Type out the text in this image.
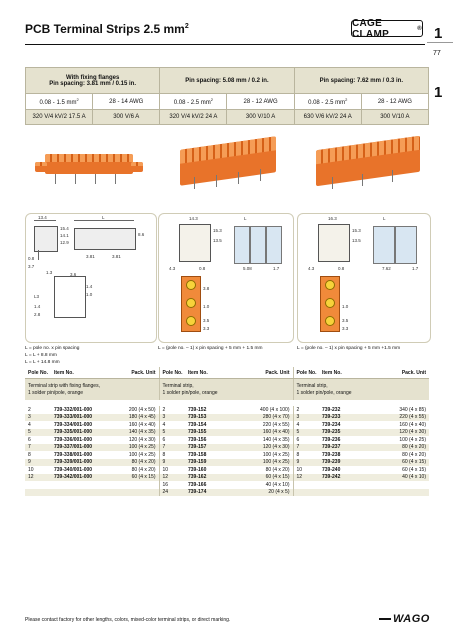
PCB Terminal Strips 2.5 $mm^2$	CAGE CLAMP	® 1
77
1
With fixing flanges
Pin spacing: 3.81 mm / 0.15 in.		Pin spacing: 5.08 mm / 0.2 in.		Pin spacing: 7.62 mm / 0.3 in.	
0.08 - 1.5 $mm^2$	28 - 14 AWG	0.08 - 2.5 $mm^2$	28 - 12 AWG	0.08 - 2.5 $mm^2$	28 - 12 AWG
320 V/4 kV/2 17.5 A	300 V/6 A	320 V/4 kV/2 24 A	300 V/10 A	630 V/6 kV/2 24 A	300 V/10 A
13.4	L
15.4
14.1
12.9
8.6
0.8
3.7
3.81	3.81
1.3	3.6
1.4
1.0
L3
1.4
2.8
14.3	L
15.3
13.5
4.3	0.8	5.08	1.7
3.8
1.0
3.5
3.3
16.3	L
15.3
13.5
4.3	7.62
0.8	1.7
1.0
3.5
3.3
L = pole no. x pin spacing
L = L + 8.8 mm
L = L + 14.8 mm
L = (pole no. – 1) x pin spacing + 5 mm + 1.5 mm	L = (pole no. – 1) x pin spacing + 5 mm +1.5 mm
Pole No.	Item No.	Pack. Unit	Pole No.	Item No.	Pack. Unit	Pole No.	Item No.	Pack. Unit
Terminal strip with fixing flanges,
1 solder pin/pole, orange			Terminal strip,
1 solder pin/pole, orange			Terminal strip,
1 solder pin/pole, orange		

2	739-332/001-000	200 (4 x 50)	2	739-152	400 (4 x 100)	2	739-232	340 (4 x 85)
3	739-333/001-000	180 (4 x 45)	3	739-153	280 (4 x 70)	3	739-233	220 (4 x 55)
4	739-334/001-000	160 (4 x 40)	4	739-154	220 (4 x 55)	4	739-234	160 (4 x 40)
5	739-335/001-000	140 (4 x 35)	5	739-155	160 (4 x 40)	5	739-235	120 (4 x 30)
6	739-336/001-000	120 (4 x 30)	6	739-156	140 (4 x 35)	6	739-236	100 (4 x 25)
7	739-337/001-000	100 (4 x 25)	7	739-157	120 (4 x 30)	7	739-237	80 (4 x 20)
8	739-338/001-000	100 (4 x 25)	8	739-158	100 (4 x 25)	8	739-238	80 (4 x 20)
9	739-339/001-000	80 (4 x 20)	9	739-159	100 (4 x 25)	9	739-239	60 (4 x 15)
10	739-340/001-000	80 (4 x 20)	10	739-160	80 (4 x 20)	10	739-240	60 (4 x 15)
12	739-342/001-000	60 (4 x 15)	12	739-162	60 (4 x 15)	12	739-242	40 (4 x 10)
			16	739-166	40 (4 x 10)			
			24	739-174	20 (4 x 5)			
Please contact factory for other lengths, colors, mixed-color terminal strips, or direct marking.	WAGO
